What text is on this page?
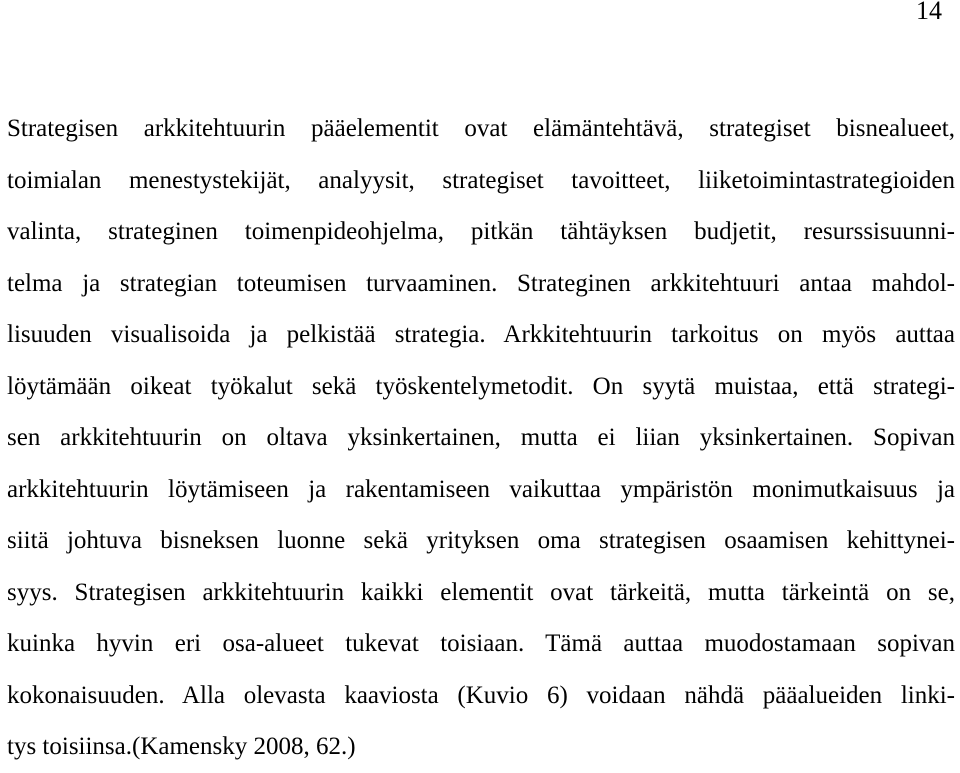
14
Strategisen arkkitehtuurin pääelementit ovat elämäntehtävä, strategiset bisnealueet,
toimialan menestystekijät, analyysit, strategiset tavoitteet, liiketoimintastrategioiden
valinta, strateginen toimenpideohjelma, pitkän tähtäyksen budjetit, resurssisuunni-
telma ja strategian toteumisen turvaaminen. Strateginen arkkitehtuuri antaa mahdol-
lisuuden visualisoida ja pelkistää strategia. Arkkitehtuurin tarkoitus on myös auttaa
löytämään oikeat työkalut sekä työskentelymetodit. On syytä muistaa, että strategi-
sen arkkitehtuurin on oltava yksinkertainen, mutta ei liian yksinkertainen. Sopivan
arkkitehtuurin löytämiseen ja rakentamiseen vaikuttaa ympäristön monimutkaisuus ja
siitä johtuva bisneksen luonne sekä yrityksen oma strategisen osaamisen kehittynei-
syys. Strategisen arkkitehtuurin kaikki elementit ovat tärkeitä, mutta tärkeintä on se,
kuinka hyvin eri osa-alueet tukevat toisiaan. Tämä auttaa muodostamaan sopivan
kokonaisuuden. Alla olevasta kaaviosta (Kuvio 6) voidaan nähdä pääalueiden linki-
tys toisiinsa.(Kamensky 2008, 62.)
